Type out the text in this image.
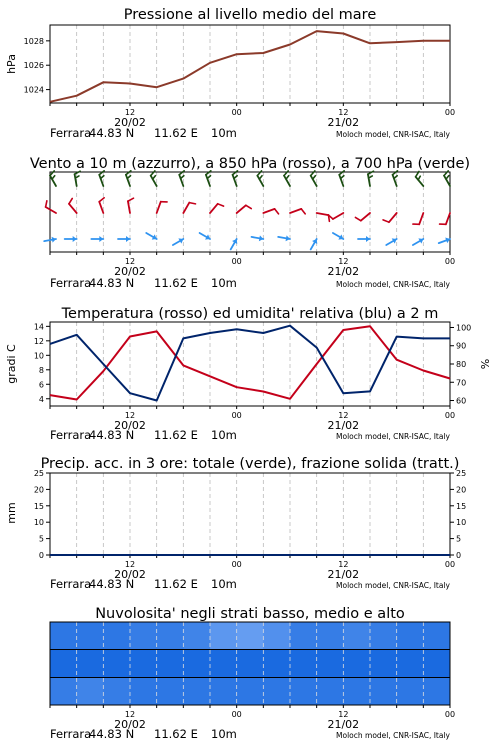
Pressione al livello medio del mare
hPa
1024
1026
1028
12	00	12	00
20/02	21/02
Ferrara
44.83 N 11.62 E 10m	Moloch model, CNR-ISAC, Italy
Vento a 10 m (azzurro), a 850 hPa (rosso), a 700 hPa (verde)
12	00	12	00
20/02	21/02
Ferrara
44.83 N 11.62 E 10m	Moloch model, CNR-ISAC, Italy
Temperatura (rosso) ed umidita' relativa (blu) a 2 m
gradi C	%
4
6
8
10
12
14
60
70
80
90
100
12	00	12	00
20/02	21/02
Ferrara
44.83 N 11.62 E 10m	Moloch model, CNR-ISAC, Italy
Precip. acc. in 3 ore: totale (verde), frazione solida (tratt.)
mm
0
5
10
15
20
25
0
5
10
15
20
25
12	00	12	00
20/02	21/02
Ferrara
44.83 N 11.62 E 10m	Moloch model, CNR-ISAC, Italy
Nuvolosita' negli strati basso, medio e alto
12	00	12	00
20/02	21/02
Ferrara
44.83 N 11.62 E 10m	Moloch model, CNR-ISAC, Italy
